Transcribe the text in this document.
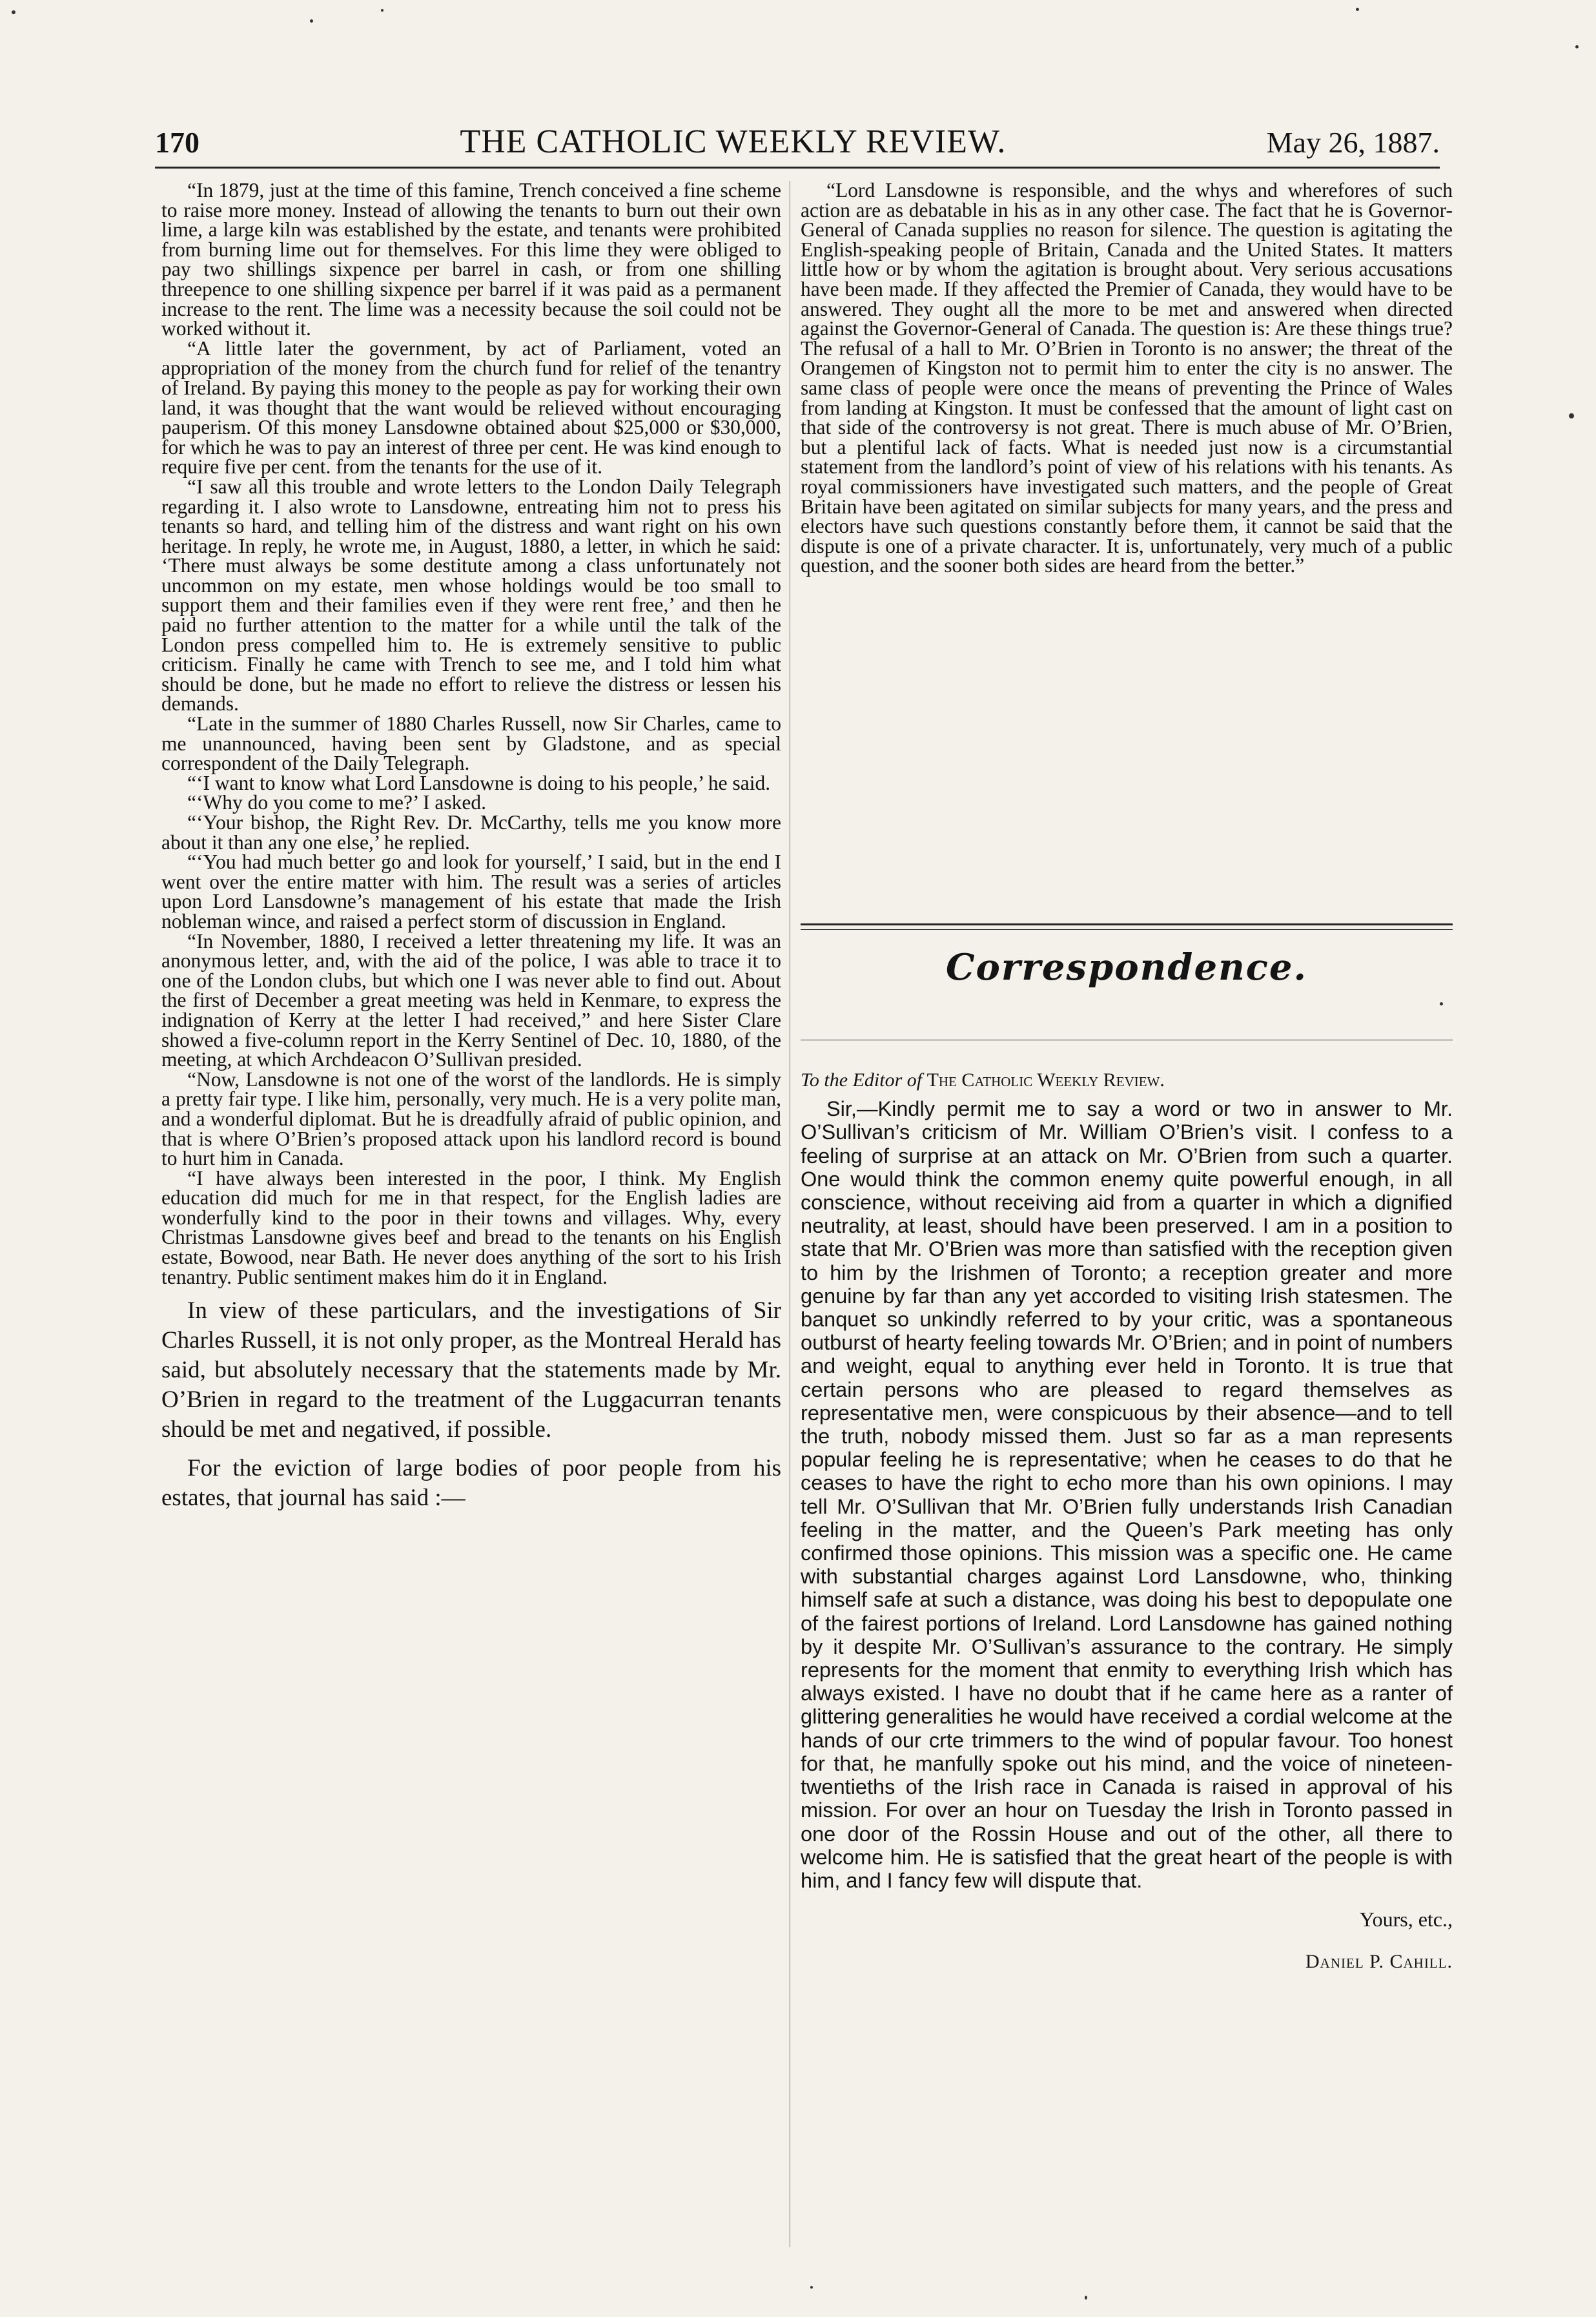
170	THE CATHOLIC WEEKLY REVIEW.	May 26, 1887.

“In 1879, just at the time of this famine, Trench conceived a fine scheme to raise more money. Instead of allowing the tenants to burn out their own lime, a large kiln was established by the estate, and tenants were prohibited from burning lime out for themselves. For this lime they were obliged to pay two shillings sixpence per barrel in cash, or from one shilling threepence to one shilling sixpence per barrel if it was paid as a permanent increase to the rent. The lime was a necessity because the soil could not be worked without it.

“A little later the government, by act of Parliament, voted an appropriation of the money from the church fund for relief of the tenantry of Ireland. By paying this money to the people as pay for working their own land, it was thought that the want would be relieved without encouraging pauperism. Of this money Lansdowne obtained about $25,000 or $30,000, for which he was to pay an interest of three per cent. He was kind enough to require five per cent. from the tenants for the use of it.

“I saw all this trouble and wrote letters to the London Daily Telegraph regarding it. I also wrote to Lansdowne, entreating him not to press his tenants so hard, and telling him of the distress and want right on his own heritage. In reply, he wrote me, in August, 1880, a letter, in which he said: ‘There must always be some destitute among a class unfortunately not uncommon on my estate, men whose holdings would be too small to support them and their families even if they were rent free,’ and then he paid no further attention to the matter for a while until the talk of the London press compelled him to. He is extremely sensitive to public criticism. Finally he came with Trench to see me, and I told him what should be done, but he made no effort to relieve the distress or lessen his demands.

“Late in the summer of 1880 Charles Russell, now Sir Charles, came to me unannounced, having been sent by Gladstone, and as special correspondent of the Daily Telegraph.

“‘I want to know what Lord Lansdowne is doing to his people,’ he said.

“‘Why do you come to me?’ I asked.

“‘Your bishop, the Right Rev. Dr. McCarthy, tells me you know more about it than any one else,’ he replied.

“‘You had much better go and look for yourself,’ I said, but in the end I went over the entire matter with him. The result was a series of articles upon Lord Lansdowne’s management of his estate that made the Irish nobleman wince, and raised a perfect storm of discussion in England.

“In November, 1880, I received a letter threatening my life. It was an anonymous letter, and, with the aid of the police, I was able to trace it to one of the London clubs, but which one I was never able to find out. About the first of December a great meeting was held in Kenmare, to express the indignation of Kerry at the letter I had received,” and here Sister Clare showed a five-column report in the Kerry Sentinel of Dec. 10, 1880, of the meeting, at which Archdeacon O’Sullivan presided.

“Now, Lansdowne is not one of the worst of the landlords. He is simply a pretty fair type. I like him, personally, very much. He is a very polite man, and a wonderful diplomat. But he is dreadfully afraid of public opinion, and that is where O’Brien’s proposed attack upon his landlord record is bound to hurt him in Canada.

“I have always been interested in the poor, I think. My English education did much for me in that respect, for the English ladies are wonderfully kind to the poor in their towns and villages. Why, every Christmas Lansdowne gives beef and bread to the tenants on his English estate, Bowood, near Bath. He never does anything of the sort to his Irish tenantry. Public sentiment makes him do it in England.

In view of these particulars, and the investigations of Sir Charles Russell, it is not only proper, as the Montreal Herald has said, but absolutely necessary that the statements made by Mr. O’Brien in regard to the treatment of the Luggacurran tenants should be met and negatived, if possible.

For the eviction of large bodies of poor people from his estates, that journal has said :—

“Lord Lansdowne is responsible, and the whys and wherefores of such action are as debatable in his as in any other case. The fact that he is Governor-General of Canada supplies no reason for silence. The question is agitating the English-speaking people of Britain, Canada and the United States. It matters little how or by whom the agitation is brought about. Very serious accusations have been made. If they affected the Premier of Canada, they would have to be answered. They ought all the more to be met and answered when directed against the Governor-General of Canada. The question is: Are these things true? The refusal of a hall to Mr. O’Brien in Toronto is no answer; the threat of the Orangemen of Kingston not to permit him to enter the city is no answer. The same class of people were once the means of preventing the Prince of Wales from landing at Kingston. It must be confessed that the amount of light cast on that side of the controversy is not great. There is much abuse of Mr. O’Brien, but a plentiful lack of facts. What is needed just now is a circumstantial statement from the landlord’s point of view of his relations with his tenants. As royal commissioners have investigated such matters, and the people of Great Britain have been agitated on similar subjects for many years, and the press and electors have such questions constantly before them, it cannot be said that the dispute is one of a private character. It is, unfortunately, very much of a public question, and the sooner both sides are heard from the better.”

Correspondence.

To the Editor of The Catholic Weekly Review.

Sir,—Kindly permit me to say a word or two in answer to Mr. O’Sullivan’s criticism of Mr. William O’Brien’s visit. I confess to a feeling of surprise at an attack on Mr. O’Brien from such a quarter. One would think the common enemy quite powerful enough, in all conscience, without receiving aid from a quarter in which a dignified neutrality, at least, should have been preserved. I am in a position to state that Mr. O’Brien was more than satisfied with the reception given to him by the Irishmen of Toronto; a reception greater and more genuine by far than any yet accorded to visiting Irish statesmen. The banquet so unkindly referred to by your critic, was a spontaneous outburst of hearty feeling towards Mr. O’Brien; and in point of numbers and weight, equal to anything ever held in Toronto. It is true that certain persons who are pleased to regard themselves as representative men, were conspicuous by their absence—and to tell the truth, nobody missed them. Just so far as a man represents popular feeling he is representative; when he ceases to do that he ceases to have the right to echo more than his own opinions. I may tell Mr. O’Sullivan that Mr. O’Brien fully understands Irish Canadian feeling in the matter, and the Queen’s Park meeting has only confirmed those opinions. This mission was a specific one. He came with substantial charges against Lord Lansdowne, who, thinking himself safe at such a distance, was doing his best to depopulate one of the fairest portions of Ireland. Lord Lansdowne has gained nothing by it despite Mr. O’Sullivan’s assurance to the contrary. He simply represents for the moment that enmity to everything Irish which has always existed. I have no doubt that if he came here as a ranter of glittering generalities he would have received a cordial welcome at the hands of our crte trimmers to the wind of popular favour. Too honest for that, he manfully spoke out his mind, and the voice of nineteen-twentieths of the Irish race in Canada is raised in approval of his mission. For over an hour on Tuesday the Irish in Toronto passed in one door of the Rossin House and out of the other, all there to welcome him. He is satisfied that the great heart of the people is with him, and I fancy few will dispute that.

Yours, etc.,
Daniel P. Cahill.
